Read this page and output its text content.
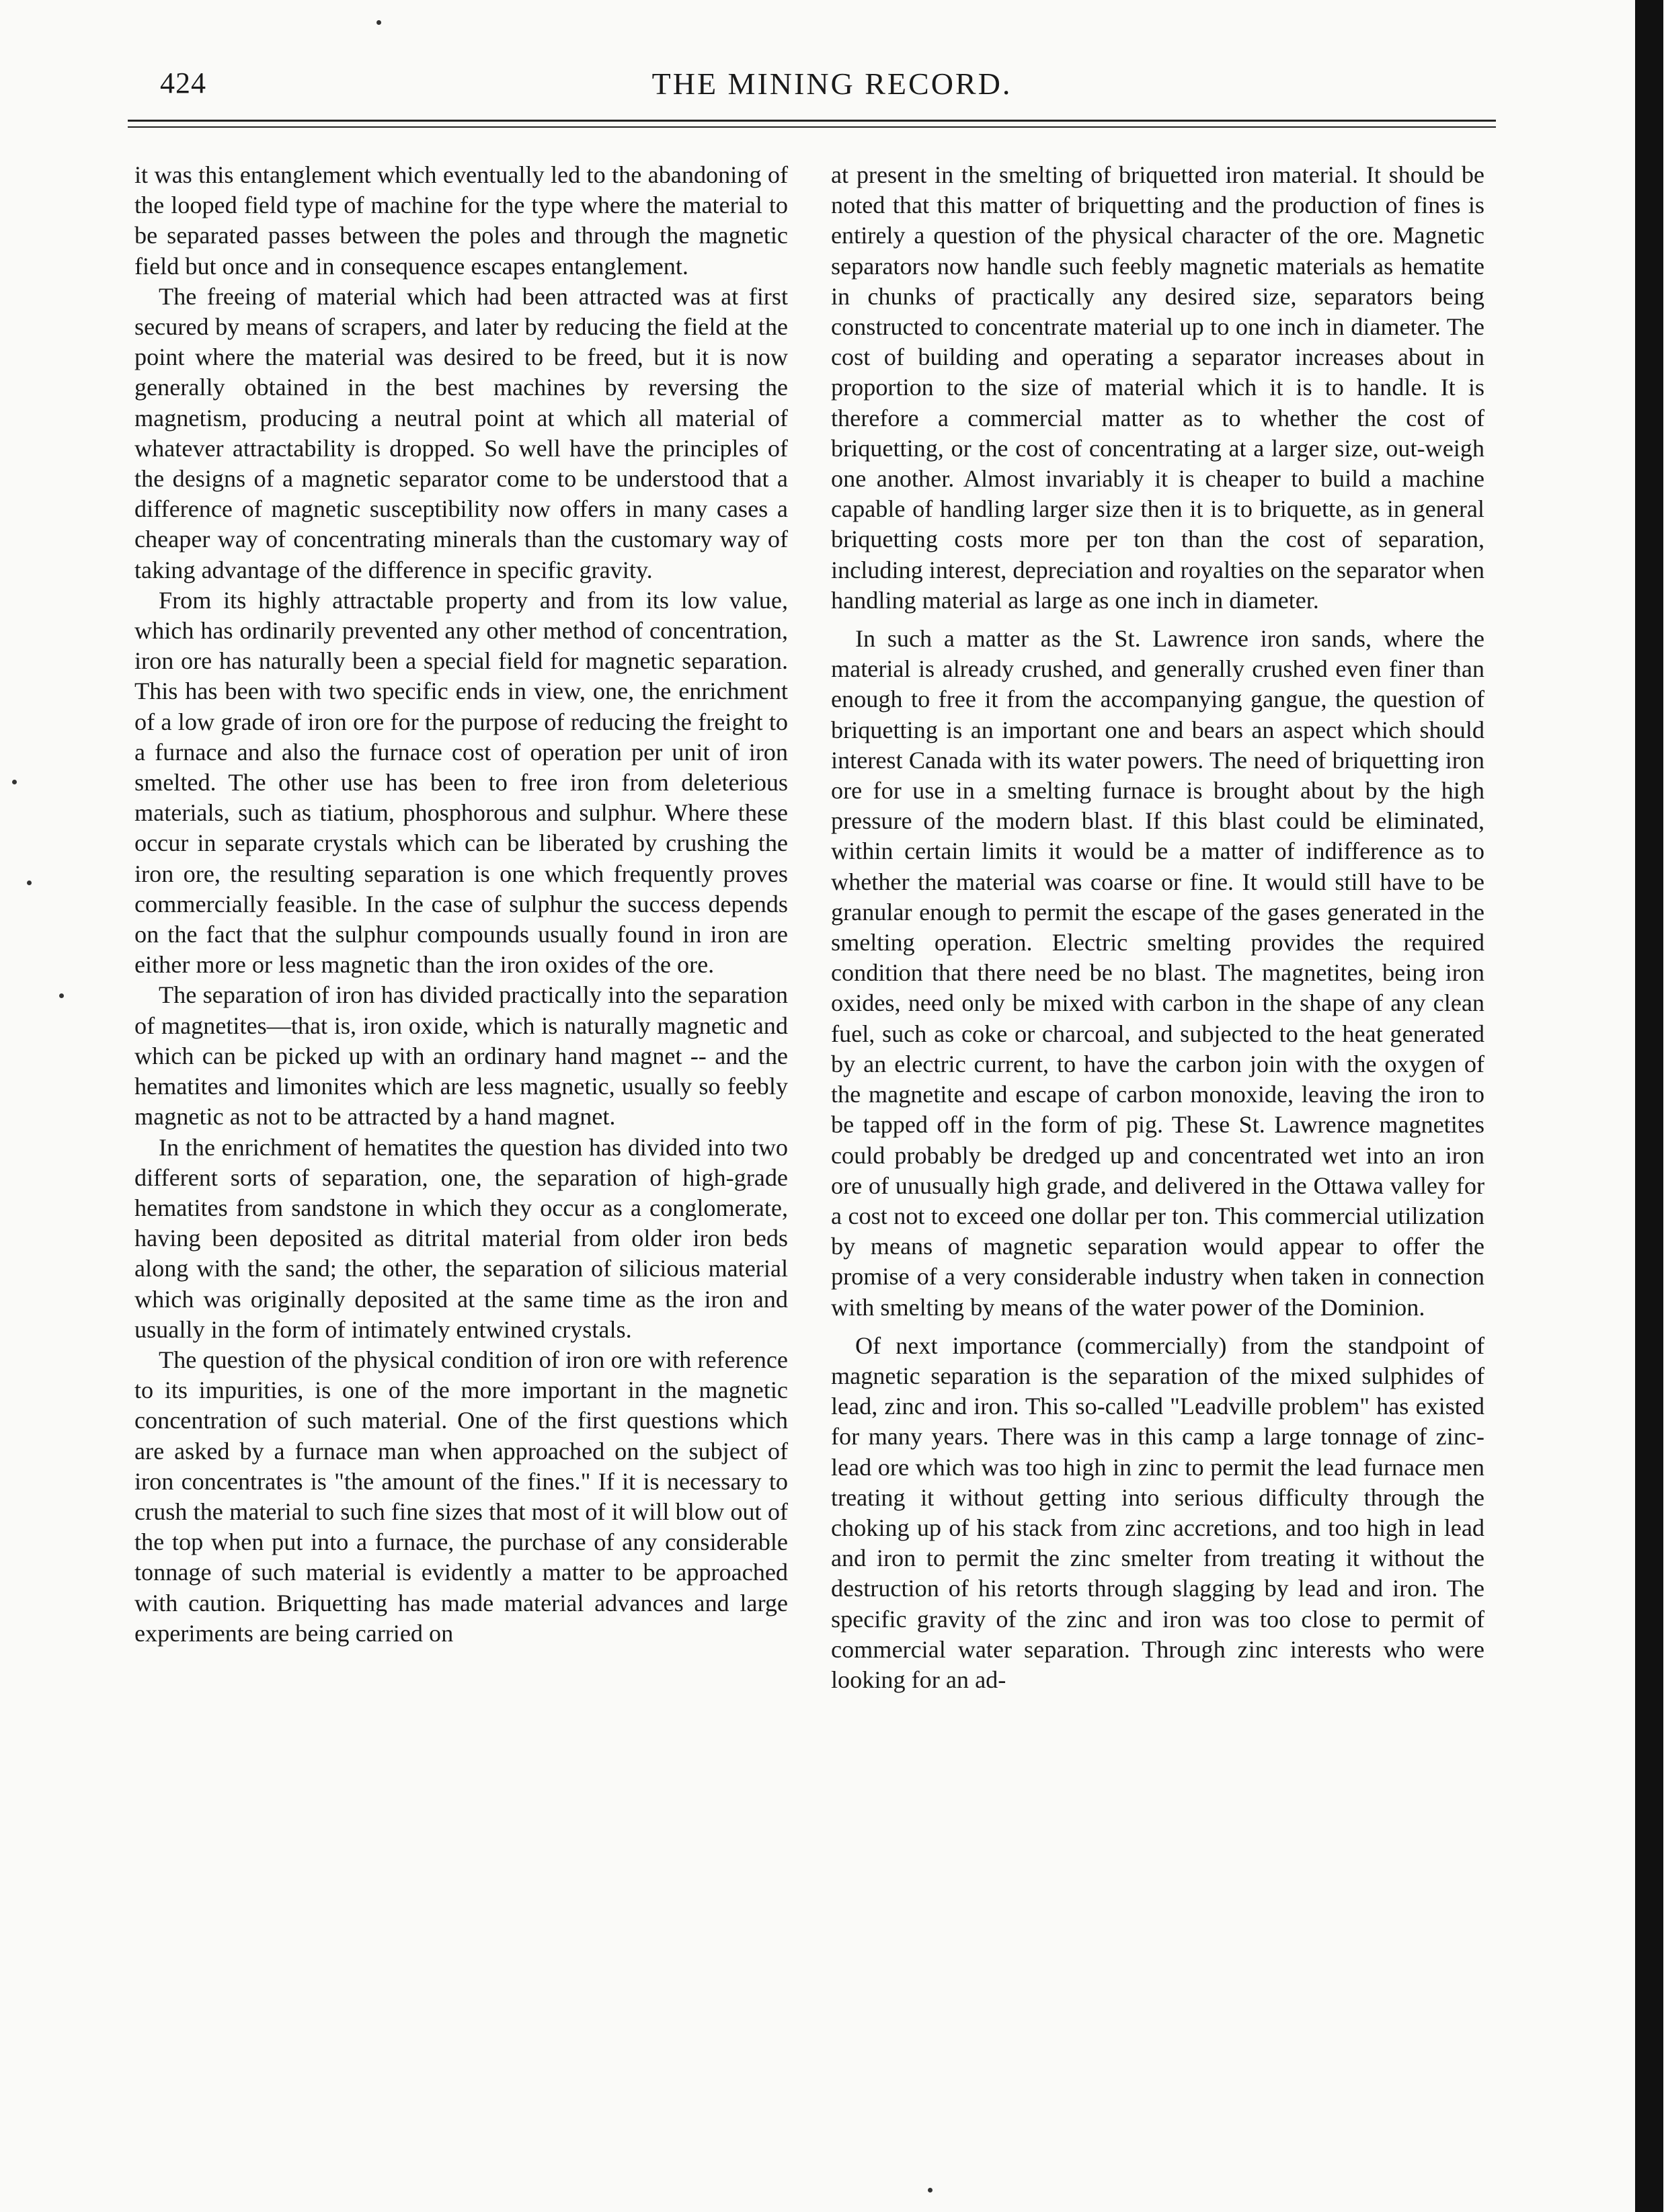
424	THE MINING RECORD.

it was this entanglement which eventually led to the abandoning of the looped field type of machine for the type where the material to be separated passes between the poles and through the magnetic field but once and in consequence escapes entanglement.

The freeing of material which had been attracted was at first secured by means of scrapers, and later by reducing the field at the point where the material was desired to be freed, but it is now generally obtained in the best machines by reversing the magnetism, producing a neutral point at which all material of whatever attractability is dropped. So well have the principles of the designs of a magnetic separator come to be understood that a difference of magnetic susceptibility now offers in many cases a cheaper way of concentrating minerals than the customary way of taking advantage of the difference in specific gravity.

From its highly attractable property and from its low value, which has ordinarily prevented any other method of concentration, iron ore has naturally been a special field for magnetic separation. This has been with two specific ends in view, one, the enrichment of a low grade of iron ore for the purpose of reducing the freight to a furnace and also the furnace cost of operation per unit of iron smelted. The other use has been to free iron from deleterious materials, such as tiatium, phosphorous and sulphur. Where these occur in separate crystals which can be liberated by crushing the iron ore, the resulting separation is one which frequently proves commercially feasible. In the case of sulphur the success depends on the fact that the sulphur compounds usually found in iron are either more or less magnetic than the iron oxides of the ore.

The separation of iron has divided practically into the separation of magnetites—that is, iron oxide, which is naturally magnetic and which can be picked up with an ordinary hand magnet -- and the hematites and limonites which are less magnetic, usually so feebly magnetic as not to be attracted by a hand magnet.

In the enrichment of hematites the question has divided into two different sorts of separation, one, the separation of high-grade hematites from sandstone in which they occur as a conglomerate, having been deposited as ditrital material from older iron beds along with the sand; the other, the separation of silicious material which was originally deposited at the same time as the iron and usually in the form of intimately entwined crystals.

The question of the physical condition of iron ore with reference to its impurities, is one of the more important in the magnetic concentration of such material. One of the first questions which are asked by a furnace man when approached on the subject of iron concentrates is "the amount of the fines." If it is necessary to crush the material to such fine sizes that most of it will blow out of the top when put into a furnace, the purchase of any considerable tonnage of such material is evidently a matter to be approached with caution. Briquetting has made material advances and large experiments are being carried on

at present in the smelting of briquetted iron material. It should be noted that this matter of briquetting and the production of fines is entirely a question of the physical character of the ore. Magnetic separators now handle such feebly magnetic materials as hematite in chunks of practically any desired size, separators being constructed to concentrate material up to one inch in diameter. The cost of building and operating a separator increases about in proportion to the size of material which it is to handle. It is therefore a commercial matter as to whether the cost of briquetting, or the cost of concentrating at a larger size, out-weigh one another. Almost invariably it is cheaper to build a machine capable of handling larger size then it is to briquette, as in general briquetting costs more per ton than the cost of separation, including interest, depreciation and royalties on the separator when handling material as large as one inch in diameter.

In such a matter as the St. Lawrence iron sands, where the material is already crushed, and generally crushed even finer than enough to free it from the accompanying gangue, the question of briquetting is an important one and bears an aspect which should interest Canada with its water powers. The need of briquetting iron ore for use in a smelting furnace is brought about by the high pressure of the modern blast. If this blast could be eliminated, within certain limits it would be a matter of indifference as to whether the material was coarse or fine. It would still have to be granular enough to permit the escape of the gases generated in the smelting operation. Electric smelting provides the required condition that there need be no blast. The magnetites, being iron oxides, need only be mixed with carbon in the shape of any clean fuel, such as coke or charcoal, and subjected to the heat generated by an electric current, to have the carbon join with the oxygen of the magnetite and escape of carbon monoxide, leaving the iron to be tapped off in the form of pig. These St. Lawrence magnetites could probably be dredged up and concentrated wet into an iron ore of unusually high grade, and delivered in the Ottawa valley for a cost not to exceed one dollar per ton. This commercial utilization by means of magnetic separation would appear to offer the promise of a very considerable industry when taken in connection with smelting by means of the water power of the Dominion.

Of next importance (commercially) from the standpoint of magnetic separation is the separation of the mixed sulphides of lead, zinc and iron. This so-called "Leadville problem" has existed for many years. There was in this camp a large tonnage of zinc-lead ore which was too high in zinc to permit the lead furnace men treating it without getting into serious difficulty through the choking up of his stack from zinc accretions, and too high in lead and iron to permit the zinc smelter from treating it without the destruction of his retorts through slagging by lead and iron. The specific gravity of the zinc and iron was too close to permit of commercial water separation. Through zinc interests who were looking for an ad-
